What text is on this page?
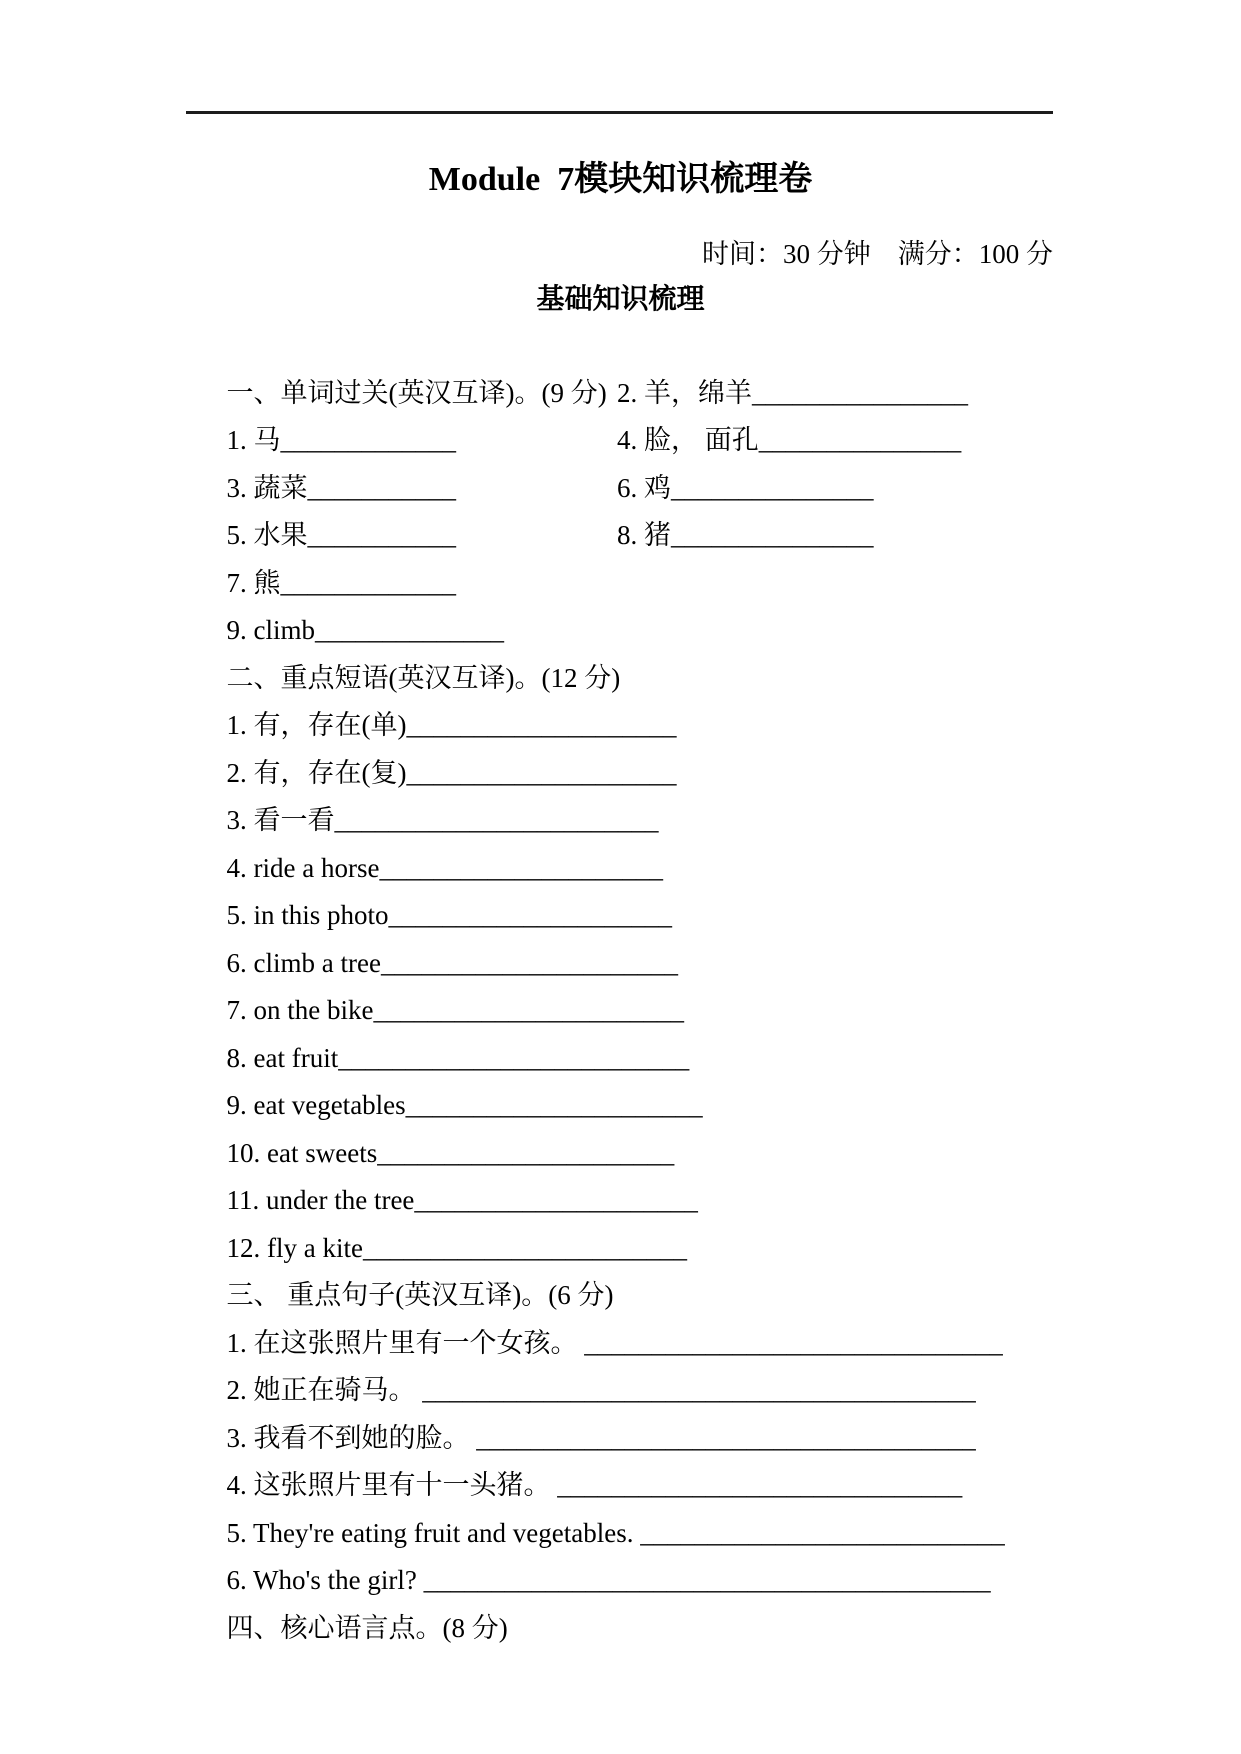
Module  7模块知识梳理卷
时间：30 分钟　满分：100 分
基础知识梳理

一、单词过关(英汉互译)。(9 分)

1. 马_____________

2. 羊，绵羊________________

3. 蔬菜___________

4. 脸， 面孔_______________

5. 水果___________

6. 鸡_______________

7. 熊_____________

8. 猪_______________

9. climb______________

二、重点短语(英汉互译)。(12 分)

1. 有，存在(单)____________________

2. 有，存在(复)____________________

3. 看一看________________________

4. ride a horse_____________________

5. in this photo_____________________

6. climb a tree______________________

7. on the bike_______________________

8. eat fruit__________________________

9. eat vegetables______________________

10. eat sweets______________________

11. under the tree_____________________

12. fly a kite________________________

三、 重点句子(英汉互译)。(6 分)

1. 在这张照片里有一个女孩。 _______________________________

2. 她正在骑马。 _________________________________________

3. 我看不到她的脸。 _____________________________________

4. 这张照片里有十一头猪。 ______________________________

5. They're eating fruit and vegetables. ___________________________

6. Who's the girl? __________________________________________

四、核心语言点。(8 分)
